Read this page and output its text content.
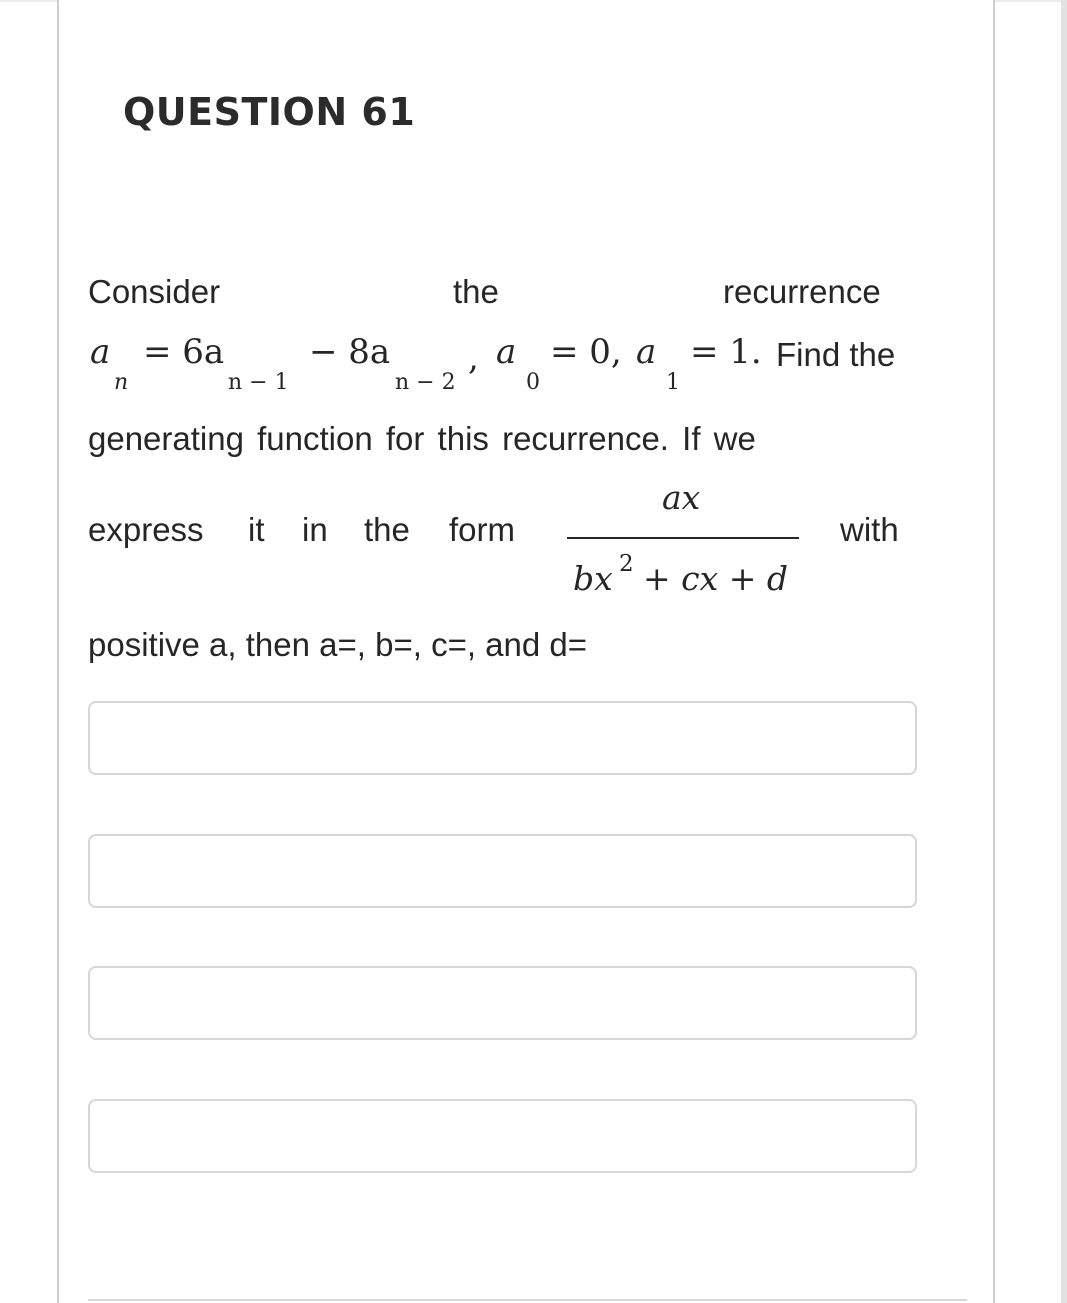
QUESTION 61
Consider	the	recurrence
a
n
= 6a
n − 1
− 8a
n − 2
, a
0
= 0, a
1
= 1. Find the
generating function for this recurrence. If we
express it in the form	with
ax
bx 2 + cx + d
positive a, then a=, b=, c=, and d=
